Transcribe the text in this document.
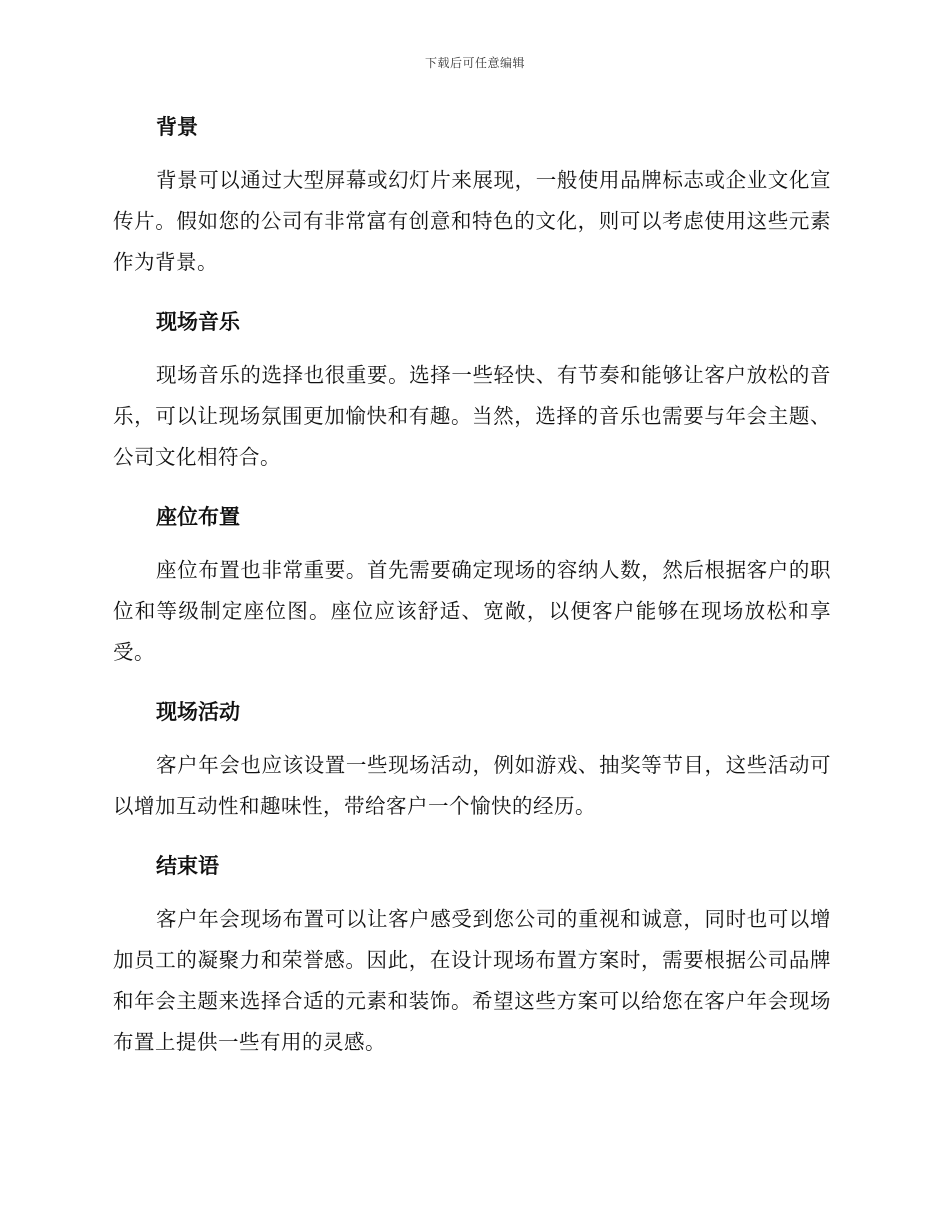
下载后可任意编辑
背景

背景可以通过大型屏幕或幻灯片来展现，一般使用品牌标志或企业文化宣传片。假如您的公司有非常富有创意和特色的文化，则可以考虑使用这些元素作为背景。

现场音乐

现场音乐的选择也很重要。选择一些轻快、有节奏和能够让客户放松的音乐，可以让现场氛围更加愉快和有趣。当然，选择的音乐也需要与年会主题、公司文化相符合。

座位布置

座位布置也非常重要。首先需要确定现场的容纳人数，然后根据客户的职位和等级制定座位图。座位应该舒适、宽敞，以便客户能够在现场放松和享受。

现场活动

客户年会也应该设置一些现场活动，例如游戏、抽奖等节目，这些活动可以增加互动性和趣味性，带给客户一个愉快的经历。

结束语

客户年会现场布置可以让客户感受到您公司的重视和诚意，同时也可以增加员工的凝聚力和荣誉感。因此，在设计现场布置方案时，需要根据公司品牌和年会主题来选择合适的元素和装饰。希望这些方案可以给您在客户年会现场布置上提供一些有用的灵感。
